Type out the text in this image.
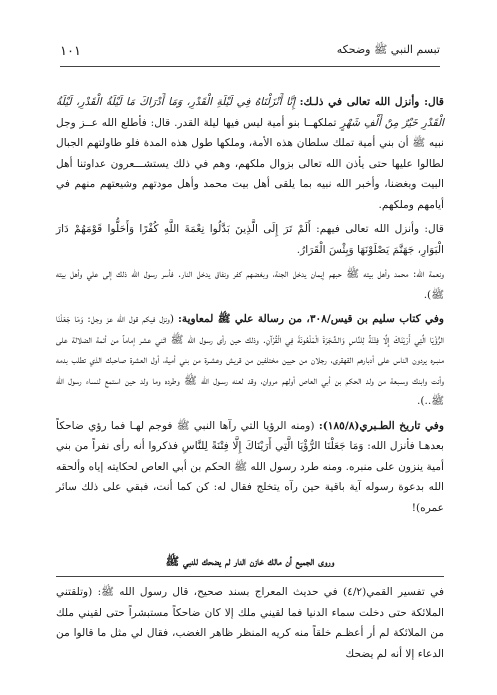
تبسم النبي ﷺ وضحكه
١٠١

قال: وأنزل الله تعالى في ذلـك: إِنَّا أَنْزَلْنَاهُ فِي لَيْلَةِ الْقَدْرِ، وَمَا أَدْرَاكَ مَا لَيْلَةُ الْقَدْرِ، لَيْلَةُ الْقَدْرِ خَيْرٌ مِنْ أَلْفِ شَهْرٍ تملكهــا بنو أمية ليس فيها ليلة القدر. قال: فأطلع الله عــز وجل نبيه ﷺ أن بني أمية تملك سلطان هذه الأمة، وملكها طول هذه المدة فلو طاولتهم الجبال لطالوا عليها حتى يأذن الله تعالى بزوال ملكهم، وهم في ذلك يستشـــعرون عداوتنا أهل البيت وبغضنا، وأخبر الله نبيه بما يلقى أهل بيت محمد وأهل مودتهم وشيعتهم منهم في أيامهم وملكهم.

قال: وأنزل الله تعالى فيهم: أَلَمْ تَرَ إِلَى الَّذِينَ بَدَّلُوا نِعْمَةَ اللَّهِ كُفْرًا وَأَحَلُّوا قَوْمَهُمْ دَارَ الْبَوَارِ، جَهَنَّمَ يَصْلَوْنَهَا وَبِئْسَ الْقَرَارُ.

ونعمة الله: محمد وأهل بيته ﷺ حبهم إيمان يدخل الجنة، وبغضهم كفر ونفاق يدخل النار. فأسر رسول الله ذلك إلى علي وأهل بيته ﷺ).

وفي كتاب سليم بن قيس/٣٠٨، من رسالة علي ﷺ لمعاوية: (ونزل فيكم قول الله عز وجل: وَمَا جَعَلْنَا الرُّؤْيَا الَّتِي أَرَيْنَاكَ إِلَّا فِتْنَةً لِلنَّاسِ وَالشَّجَرَةَ الْمَلْعُونَةَ فِي الْقُرْآنِ. وذلك حين رأى رسول الله ﷺ اثني عشر إماماً من أئمة الضلالة على منبـره يردون الناس على أدبارهم القهقرى، رجلان من حيين مختلفين من قريش وعشـرة من بني أمية، أول العشرة صاحبك الذي تطلب بدمه وأنت وابنك وسـبعة من ولد الحكم بن أبي العاص أولهم مروان، وقد لعنه رسـول الله ﷺ وطرده وما ولد حين استمع لنساء رسول الله ﷺ..).

وفي تاريخ الطـبري(١٨٥/٨): (ومنه الرؤيا التي رآها النبي ﷺ فوجم لهـا فما رؤي ضاحكاً بعدهـا فأنزل الله: وَمَا جَعَلْنَا الرُّؤْيَا الَّتِي أَرَيْنَاكَ إِلَّا فِتْنَةً لِلنَّاسِ فذكروا أنه رأى نفراً من بني أمية ينزون على منبره. ومنه طرد رسول الله ﷺ الحكم بن أبي العاص لحكايته إياه وألحقه الله بدعوة رسوله آية باقية حين رآه يتخلج فقال له: كن كما أنت، فبقي على ذلك سائر عمره)!

وروى الجميع أن مالك خازن النار لم يضحك للنبي ﷺ

في تفسير القمي(٤/٢) في حديث المعراج بسند صحيح، قال رسول الله ﷺ: (وتلقتني الملائكة حتى دخلت سماء الدنيا فما لقيني ملك إلا كان ضاحكاً مستبشراً حتى لقيني ملك من الملائكة لم أر أعظـم خلقاً منه كريه المنظر ظاهر الغضب، فقال لي مثل ما قالوا من الدعاء إلا أنه لم يضحك
